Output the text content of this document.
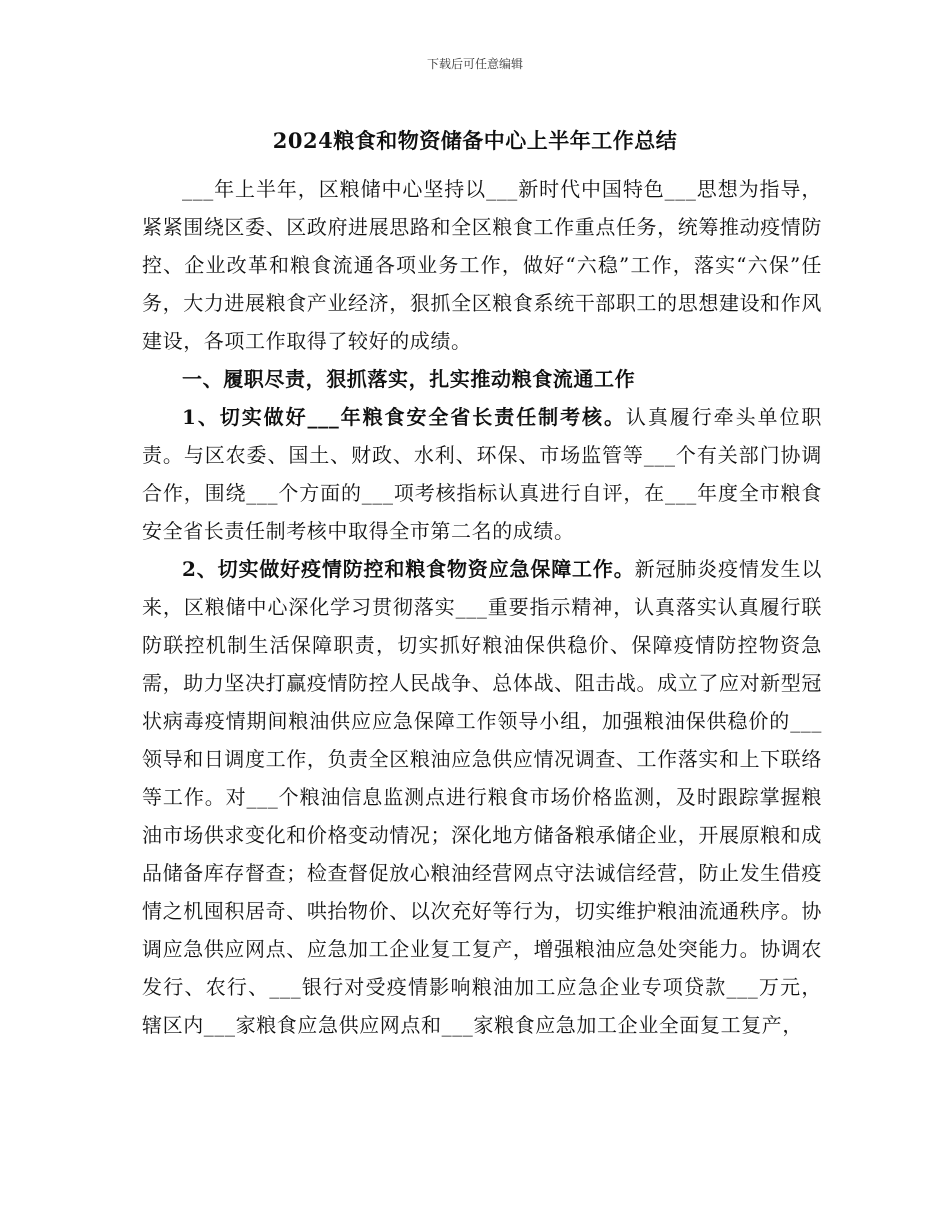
下载后可任意编辑
2024粮食和物资储备中心上半年工作总结

___年上半年，区粮储中心坚持以___新时代中国特色___思想为指导，紧紧围绕区委、区政府进展思路和全区粮食工作重点任务，统筹推动疫情防控、企业改革和粮食流通各项业务工作，做好“六稳”工作，落实“六保”任务，大力进展粮食产业经济，狠抓全区粮食系统干部职工的思想建设和作风建设，各项工作取得了较好的成绩。

一、履职尽责，狠抓落实，扎实推动粮食流通工作

1、切实做好___年粮食安全省长责任制考核。认真履行牵头单位职责。与区农委、国土、财政、水利、环保、市场监管等___个有关部门协调合作，围绕___个方面的___项考核指标认真进行自评，在___年度全市粮食安全省长责任制考核中取得全市第二名的成绩。

2、切实做好疫情防控和粮食物资应急保障工作。新冠肺炎疫情发生以来，区粮储中心深化学习贯彻落实___重要指示精神，认真落实认真履行联防联控机制生活保障职责，切实抓好粮油保供稳价、保障疫情防控物资急需，助力坚决打赢疫情防控人民战争、总体战、阻击战。成立了应对新型冠状病毒疫情期间粮油供应应急保障工作领导小组，加强粮油保供稳价的___领导和日调度工作，负责全区粮油应急供应情况调查、工作落实和上下联络等工作。对___个粮油信息监测点进行粮食市场价格监测，及时跟踪掌握粮油市场供求变化和价格变动情况；深化地方储备粮承储企业，开展原粮和成品储备库存督查；检查督促放心粮油经营网点守法诚信经营，防止发生借疫情之机囤积居奇、哄抬物价、以次充好等行为，切实维护粮油流通秩序。协调应急供应网点、应急加工企业复工复产，增强粮油应急处突能力。协调农发行、农行、___银行对受疫情影响粮油加工应急企业专项贷款___万元，辖区内___家粮食应急供应网点和___家粮食应急加工企业全面复工复产，
